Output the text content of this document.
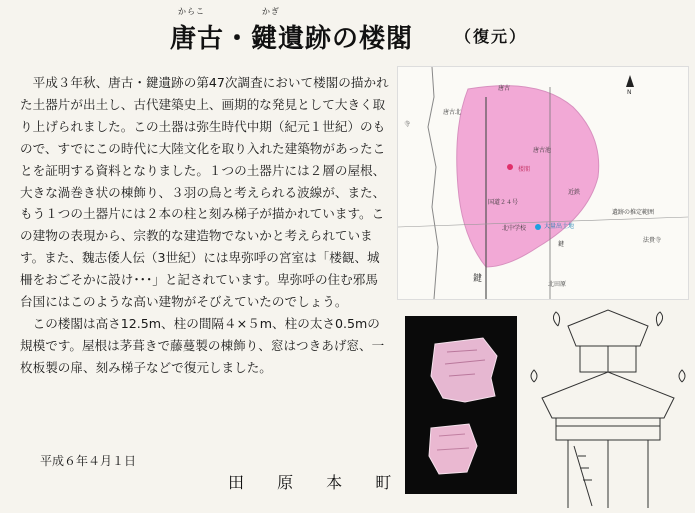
からこ	かぎ
唐古・鍵遺跡の楼閣	（復元）

平成３年秋、唐古・鍵遺跡の第47次調査において楼閣の描かれた土器片が出土し、古代建築史上、画期的な発見として大きく取り上げられました。この土器は弥生時代中期（紀元１世紀）のもので、すでにこの時代に大陸文化を取り入れた建築物があったことを証明する資料となりました。１つの土器片には２層の屋根、大きな渦巻き状の棟飾り、３羽の鳥と考えられる波線が、また、もう１つの土器片には２本の柱と刻み梯子が描かれています。この建物の表現から、宗教的な建造物でないかと考えられています。また、魏志倭人伝（3世紀）には卑弥呼の宮室は「楼観、城柵をおごそかに設け･･･」と記されています。卑弥呼の住む邪馬台国にはこのような高い建物がそびえていたのでしょう。

この楼閣は高さ12.5m、柱の間隔４×５m、柱の太さ0.5mの規模です。屋根は茅葺きで藤蔓製の棟飾り、窓はつきあげ窓、一枚板製の扉、刻み梯子などで復元しました。

平成６年４月１日
田 原 本 町
唐古
唐古池
楼閣
鍵
国道２４号
遺跡の推定範囲
N
大量出土地
鍵
法貴寺
北田原
唐古北
寺
近鉄
北中学校
